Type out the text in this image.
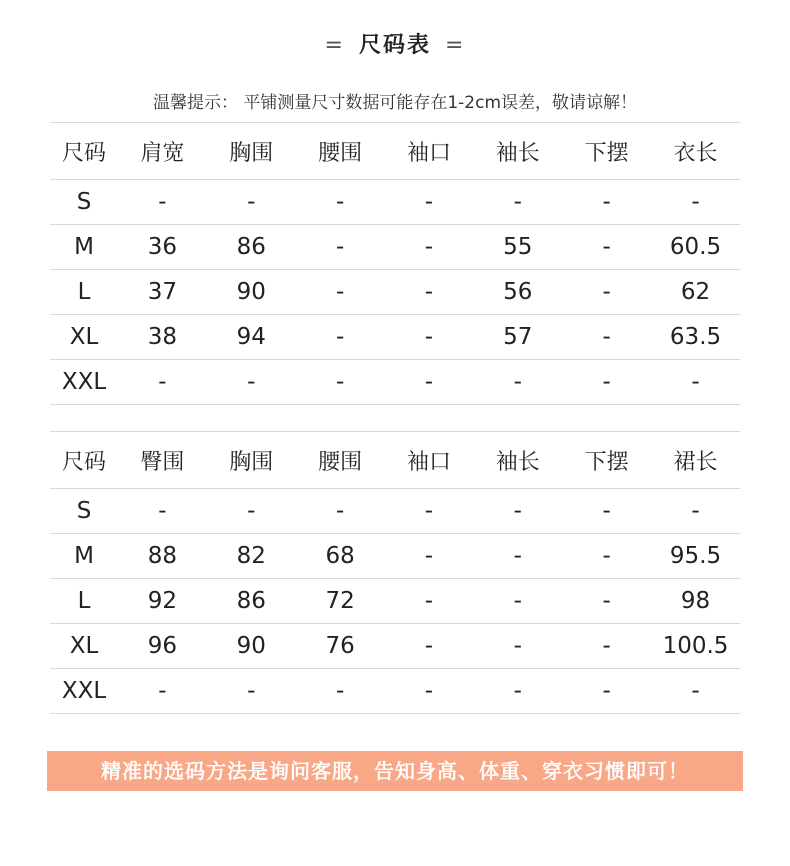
= 尺码表 =
温馨提示： 平铺测量尺寸数据可能存在1-2cm误差，敬请谅解！
尺码	肩宽	胸围	腰围	袖口	袖长	下摆	衣长
S	-	-	-	-	-	-	-
M	36	86	-	-	55	-	60.5
L	37	90	-	-	56	-	62
XL	38	94	-	-	57	-	63.5
XXL	-	-	-	-	-	-	-
尺码	臀围	胸围	腰围	袖口	袖长	下摆	裙长
S	-	-	-	-	-	-	-
M	88	82	68	-	-	-	95.5
L	92	86	72	-	-	-	98
XL	96	90	76	-	-	-	100.5
XXL	-	-	-	-	-	-	-
精准的选码方法是询问客服，告知身高、体重、穿衣习惯即可！
